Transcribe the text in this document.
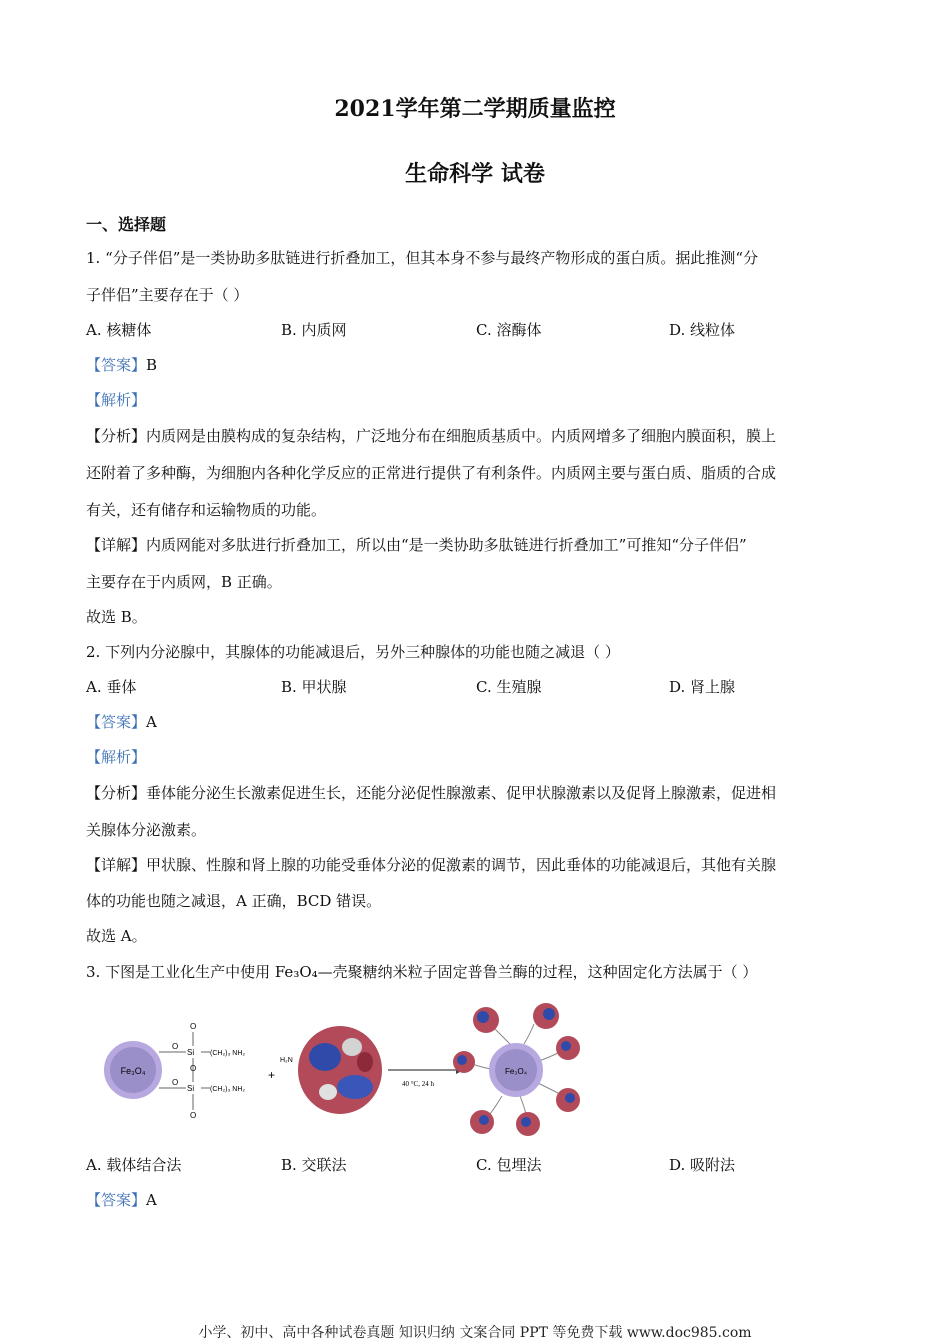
2021学年第二学期质量监控
生命科学 试卷
一、选择题
1. “分子伴侣”是一类协助多肽链进行折叠加工，但其本身不参与最终产物形成的蛋白质。据此推测“分
子伴侣”主要存在于（ ）
A. 核糖体	B. 内质网	C. 溶酶体	D. 线粒体
【答案】B
【解析】
【分析】内质网是由膜构成的复杂结构，广泛地分布在细胞质基质中。内质网增多了细胞内膜面积，膜上
还附着了多种酶，为细胞内各种化学反应的正常进行提供了有利条件。内质网主要与蛋白质、脂质的合成
有关，还有储存和运输物质的功能。
【详解】内质网能对多肽进行折叠加工，所以由“是一类协助多肽链进行折叠加工”可推知“分子伴侣”
主要存在于内质网，B 正确。
故选 B。
2. 下列内分泌腺中，其腺体的功能减退后，另外三种腺体的功能也随之减退（ ）
A. 垂体	B. 甲状腺	C. 生殖腺	D. 肾上腺
【答案】A
【解析】
【分析】垂体能分泌生长激素促进生长，还能分泌促性腺激素、促甲状腺激素以及促肾上腺激素，促进相
关腺体分泌激素。
【详解】甲状腺、性腺和肾上腺的功能受垂体分泌的促激素的调节，因此垂体的功能减退后，其他有关腺
体的功能也随之减退，A 正确，BCD 错误。
故选 A。
3. 下图是工业化生产中使用 Fe₃O₄—壳聚糖纳米粒子固定普鲁兰酶的过程，这种固定化方法属于（ ）
Fe₃O₄
O
O
O
O
O
Si
Si
(CH₂)₃ NH₂
(CH₂)₃ NH₂
+
H₂N
40 °C, 24 h
Fe₃O₄
A. 载体结合法	B. 交联法	C. 包埋法	D. 吸附法
【答案】A
小学、初中、高中各种试卷真题 知识归纳 文案合同 PPT 等免费下载 www.doc985.com
